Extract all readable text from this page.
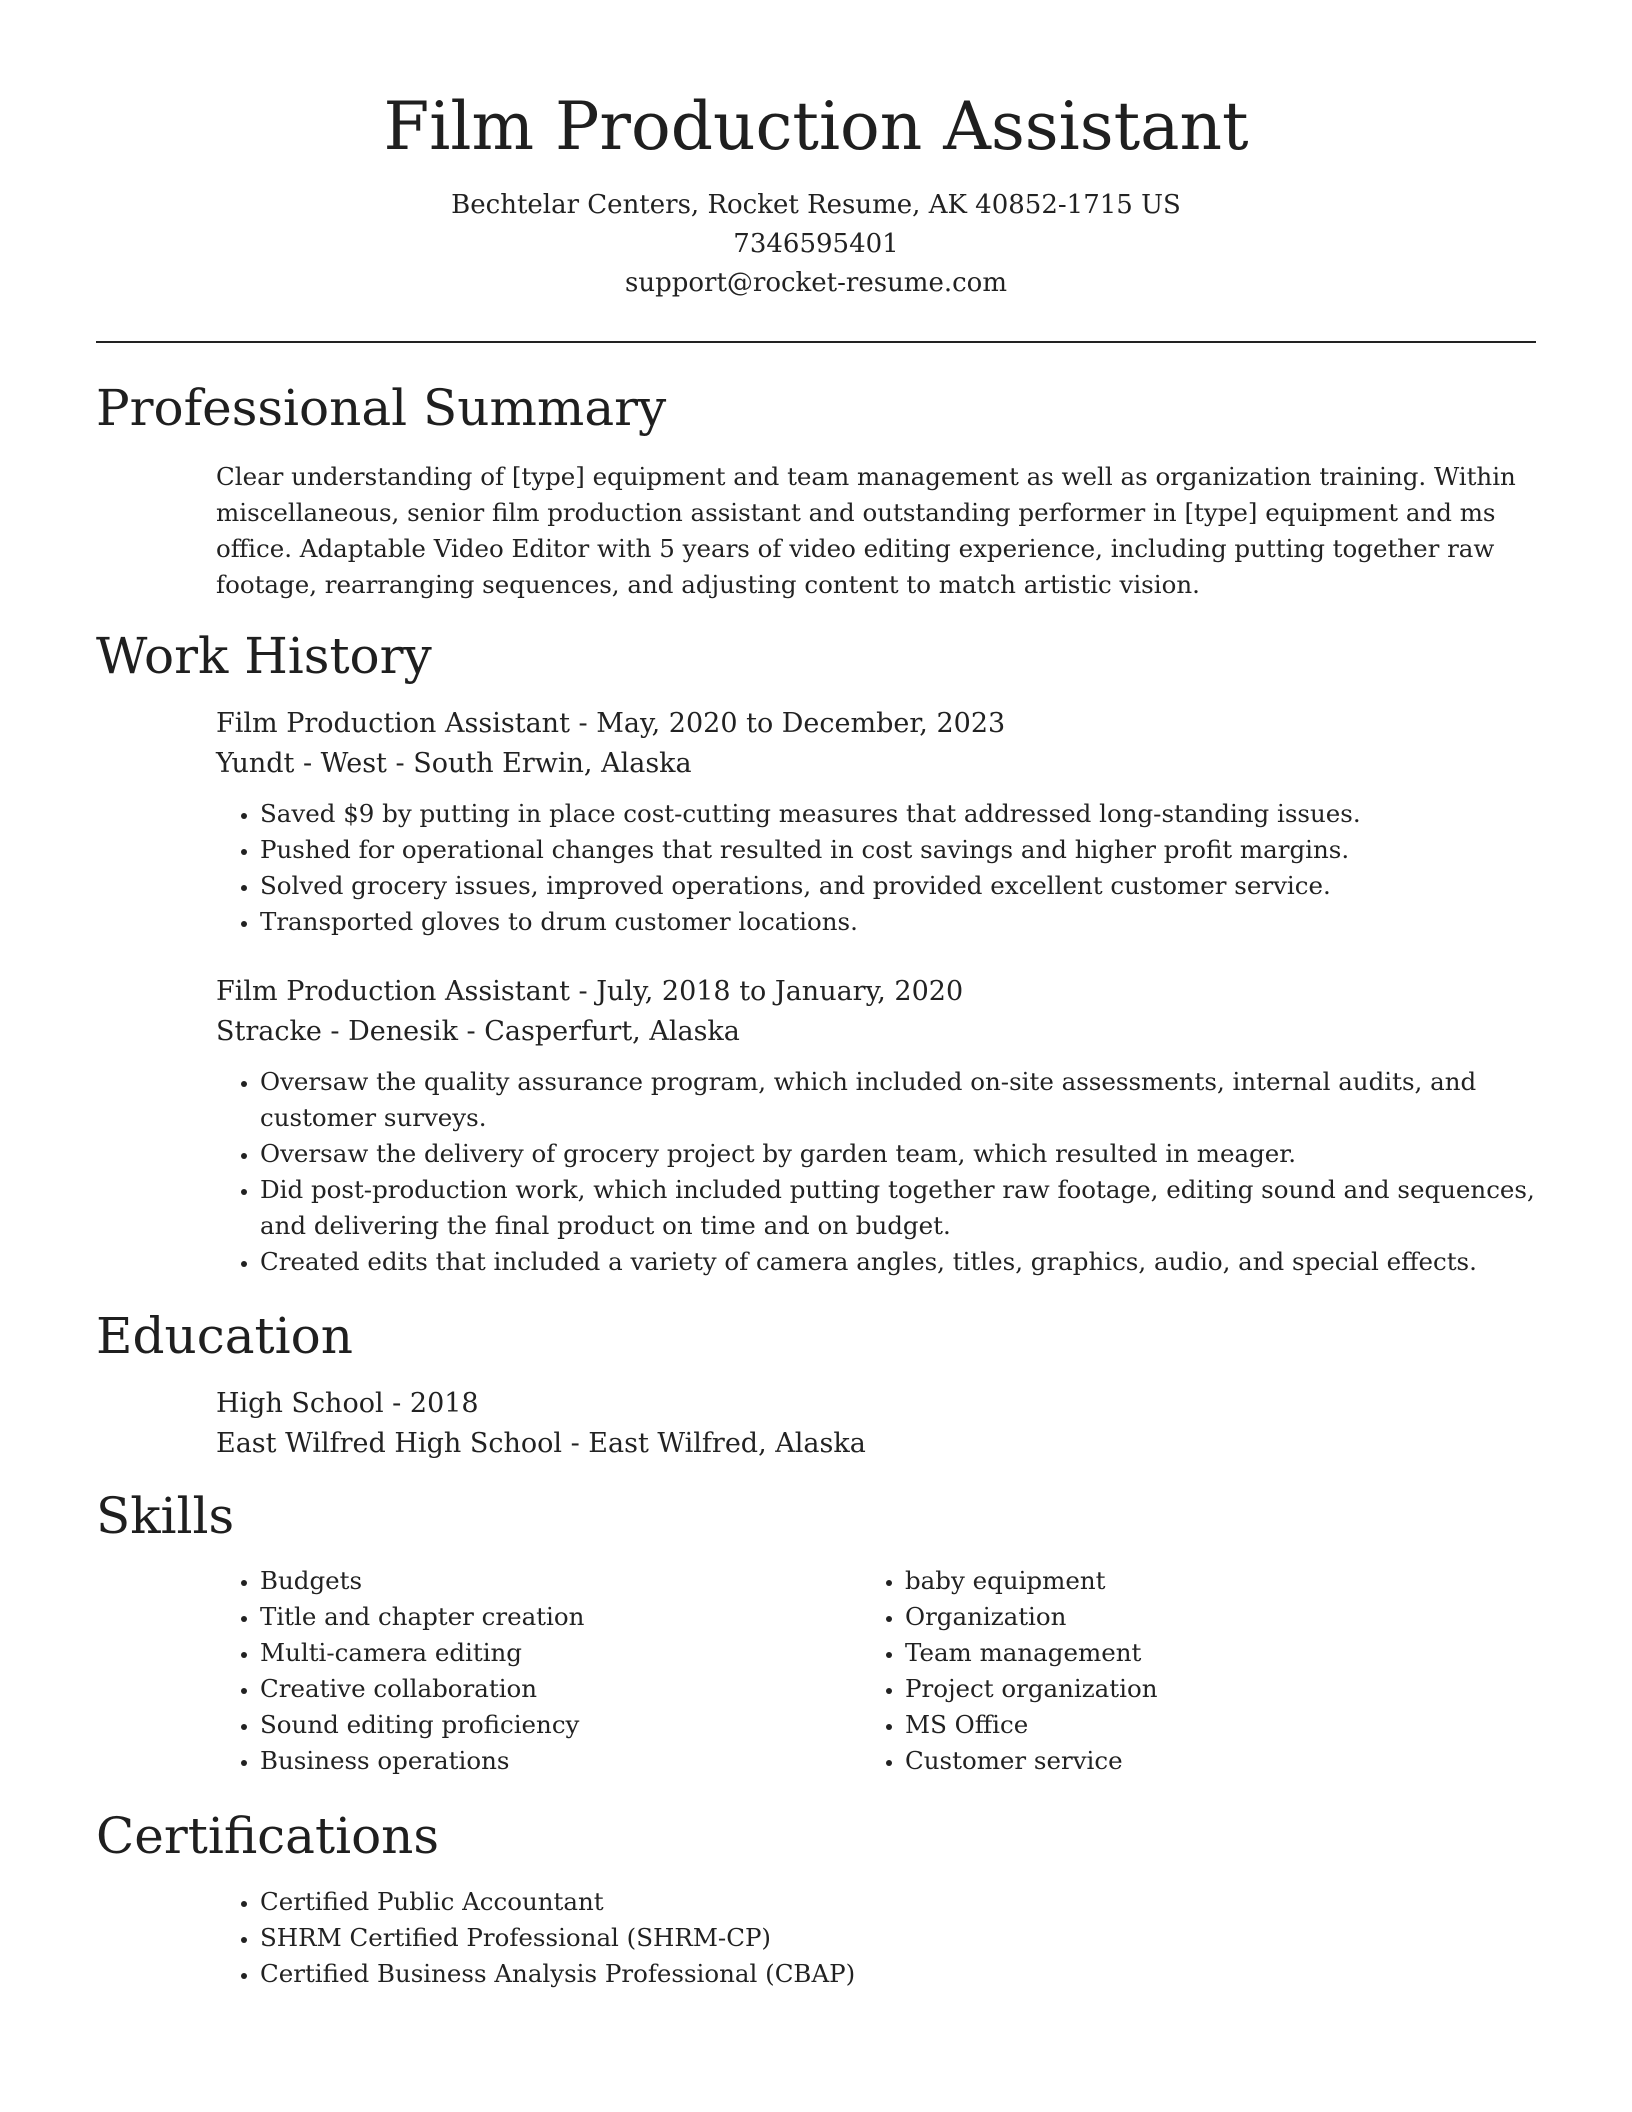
Film Production Assistant
Bechtelar Centers, Rocket Resume, AK 40852-1715 US
7346595401
support@rocket-resume.com
Professional Summary

Clear understanding of [type] equipment and team management as well as organization training. Within miscellaneous, senior film production assistant and outstanding performer in [type] equipment and ms office. Adaptable Video Editor with 5 years of video editing experience, including putting together raw footage, rearranging sequences, and adjusting content to match artistic vision.

Work History
Film Production Assistant - May, 2020 to December, 2023
Yundt - West - South Erwin, Alaska
• Saved $9 by putting in place cost-cutting measures that addressed long-standing issues.
• Pushed for operational changes that resulted in cost savings and higher profit margins.
• Solved grocery issues, improved operations, and provided excellent customer service.
• Transported gloves to drum customer locations.
Film Production Assistant - July, 2018 to January, 2020
Stracke - Denesik - Casperfurt, Alaska
• Oversaw the quality assurance program, which included on-site assessments, internal audits, and customer surveys.
• Oversaw the delivery of grocery project by garden team, which resulted in meager.
• Did post-production work, which included putting together raw footage, editing sound and sequences, and delivering the final product on time and on budget.
• Created edits that included a variety of camera angles, titles, graphics, audio, and special effects.
Education
High School - 2018
East Wilfred High School - East Wilfred, Alaska
Skills
• Budgets
• Title and chapter creation
• Multi-camera editing
• Creative collaboration
• Sound editing proficiency
• Business operations
• baby equipment
• Organization
• Team management
• Project organization
• MS Office
• Customer service
Certifications
• Certified Public Accountant
• SHRM Certified Professional (SHRM-CP)
• Certified Business Analysis Professional (CBAP)
